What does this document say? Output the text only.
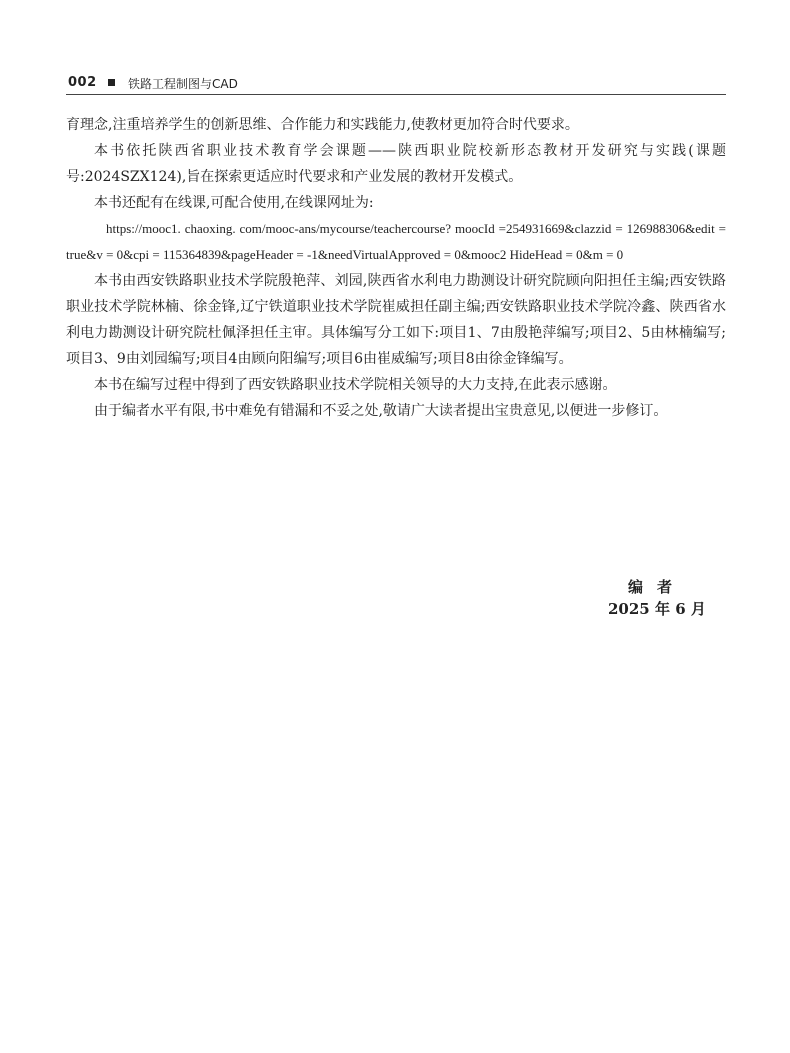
002	铁路工程制图与CAD

育理念,注重培养学生的创新思维、合作能力和实践能力,使教材更加符合时代要求。

本书依托陕西省职业技术教育学会课题——陕西职业院校新形态教材开发研究与实践(课题号:2024SZX124),旨在探索更适应时代要求和产业发展的教材开发模式。

本书还配有在线课,可配合使用,在线课网址为:

https://mooc1. chaoxing. com/mooc-ans/mycourse/teachercourse? moocId =254931669&clazzid = 126988306&edit = true&v = 0&cpi = 115364839&pageHeader = -1&needVirtualApproved = 0&mooc2 HideHead = 0&m = 0

本书由西安铁路职业技术学院殷艳萍、刘园,陕西省水利电力勘测设计研究院顾向阳担任主编;西安铁路职业技术学院林楠、徐金锋,辽宁铁道职业技术学院崔威担任副主编;西安铁路职业技术学院冷鑫、陕西省水利电力勘测设计研究院杜佩泽担任主审。具体编写分工如下:项目1、7由殷艳萍编写;项目2、5由林楠编写;项目3、9由刘园编写;项目4由顾向阳编写;项目6由崔威编写;项目8由徐金锋编写。

本书在编写过程中得到了西安铁路职业技术学院相关领导的大力支持,在此表示感谢。

由于编者水平有限,书中难免有错漏和不妥之处,敬请广大读者提出宝贵意见,以便进一步修订。

编者
2025 年 6 月
